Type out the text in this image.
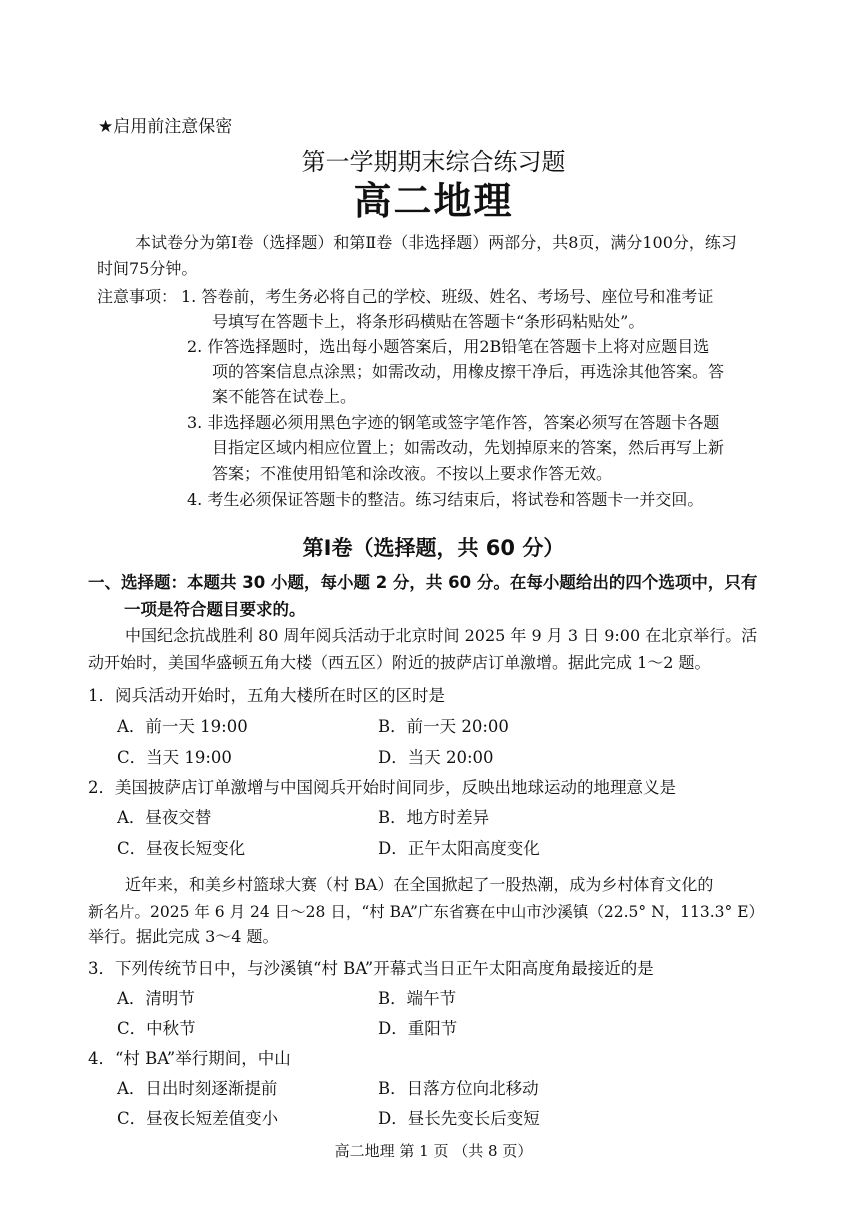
★启用前注意保密
第一学期期末综合练习题
高二地理
本试卷分为第Ⅰ卷（选择题）和第Ⅱ卷（非选择题）两部分，共8页，满分100分，练习
时间75分钟。
注意事项： 1. 答卷前，考生务必将自己的学校、班级、姓名、考场号、座位号和准考证
号填写在答题卡上，将条形码横贴在答题卡“条形码粘贴处”。
2. 作答选择题时，选出每小题答案后，用2B铅笔在答题卡上将对应题目选
项的答案信息点涂黑；如需改动，用橡皮擦干净后，再选涂其他答案。答
案不能答在试卷上。
3. 非选择题必须用黑色字迹的钢笔或签字笔作答，答案必须写在答题卡各题
目指定区域内相应位置上；如需改动，先划掉原来的答案，然后再写上新
答案；不准使用铅笔和涂改液。不按以上要求作答无效。
4. 考生必须保证答题卡的整洁。练习结束后，将试卷和答题卡一并交回。
第Ⅰ卷（选择题，共 60 分）
一、选择题：本题共 30 小题，每小题 2 分，共 60 分。在每小题给出的四个选项中，只有
一项是符合题目要求的。
中国纪念抗战胜利 80 周年阅兵活动于北京时间 2025 年 9 月 3 日 9:00 在北京举行。活
动开始时，美国华盛顿五角大楼（西五区）附近的披萨店订单激增。据此完成 1～2 题。
1．阅兵活动开始时，五角大楼所在时区的区时是
A．前一天 19:00	B．前一天 20:00
C．当天 19:00	D．当天 20:00
2．美国披萨店订单激增与中国阅兵开始时间同步，反映出地球运动的地理意义是
A．昼夜交替	B．地方时差异
C．昼夜长短变化	D．正午太阳高度变化
近年来，和美乡村篮球大赛（村 BA）在全国掀起了一股热潮，成为乡村体育文化的
新名片。2025 年 6 月 24 日～28 日，“村 BA”广东省赛在中山市沙溪镇（22.5° N，113.3° E）
举行。据此完成 3～4 题。
3．下列传统节日中，与沙溪镇“村 BA”开幕式当日正午太阳高度角最接近的是
A．清明节	B．端午节
C．中秋节	D．重阳节
4．“村 BA”举行期间，中山
A．日出时刻逐渐提前	B．日落方位向北移动
C．昼夜长短差值变小	D．昼长先变长后变短
高二地理 第 1 页 （共 8 页）
